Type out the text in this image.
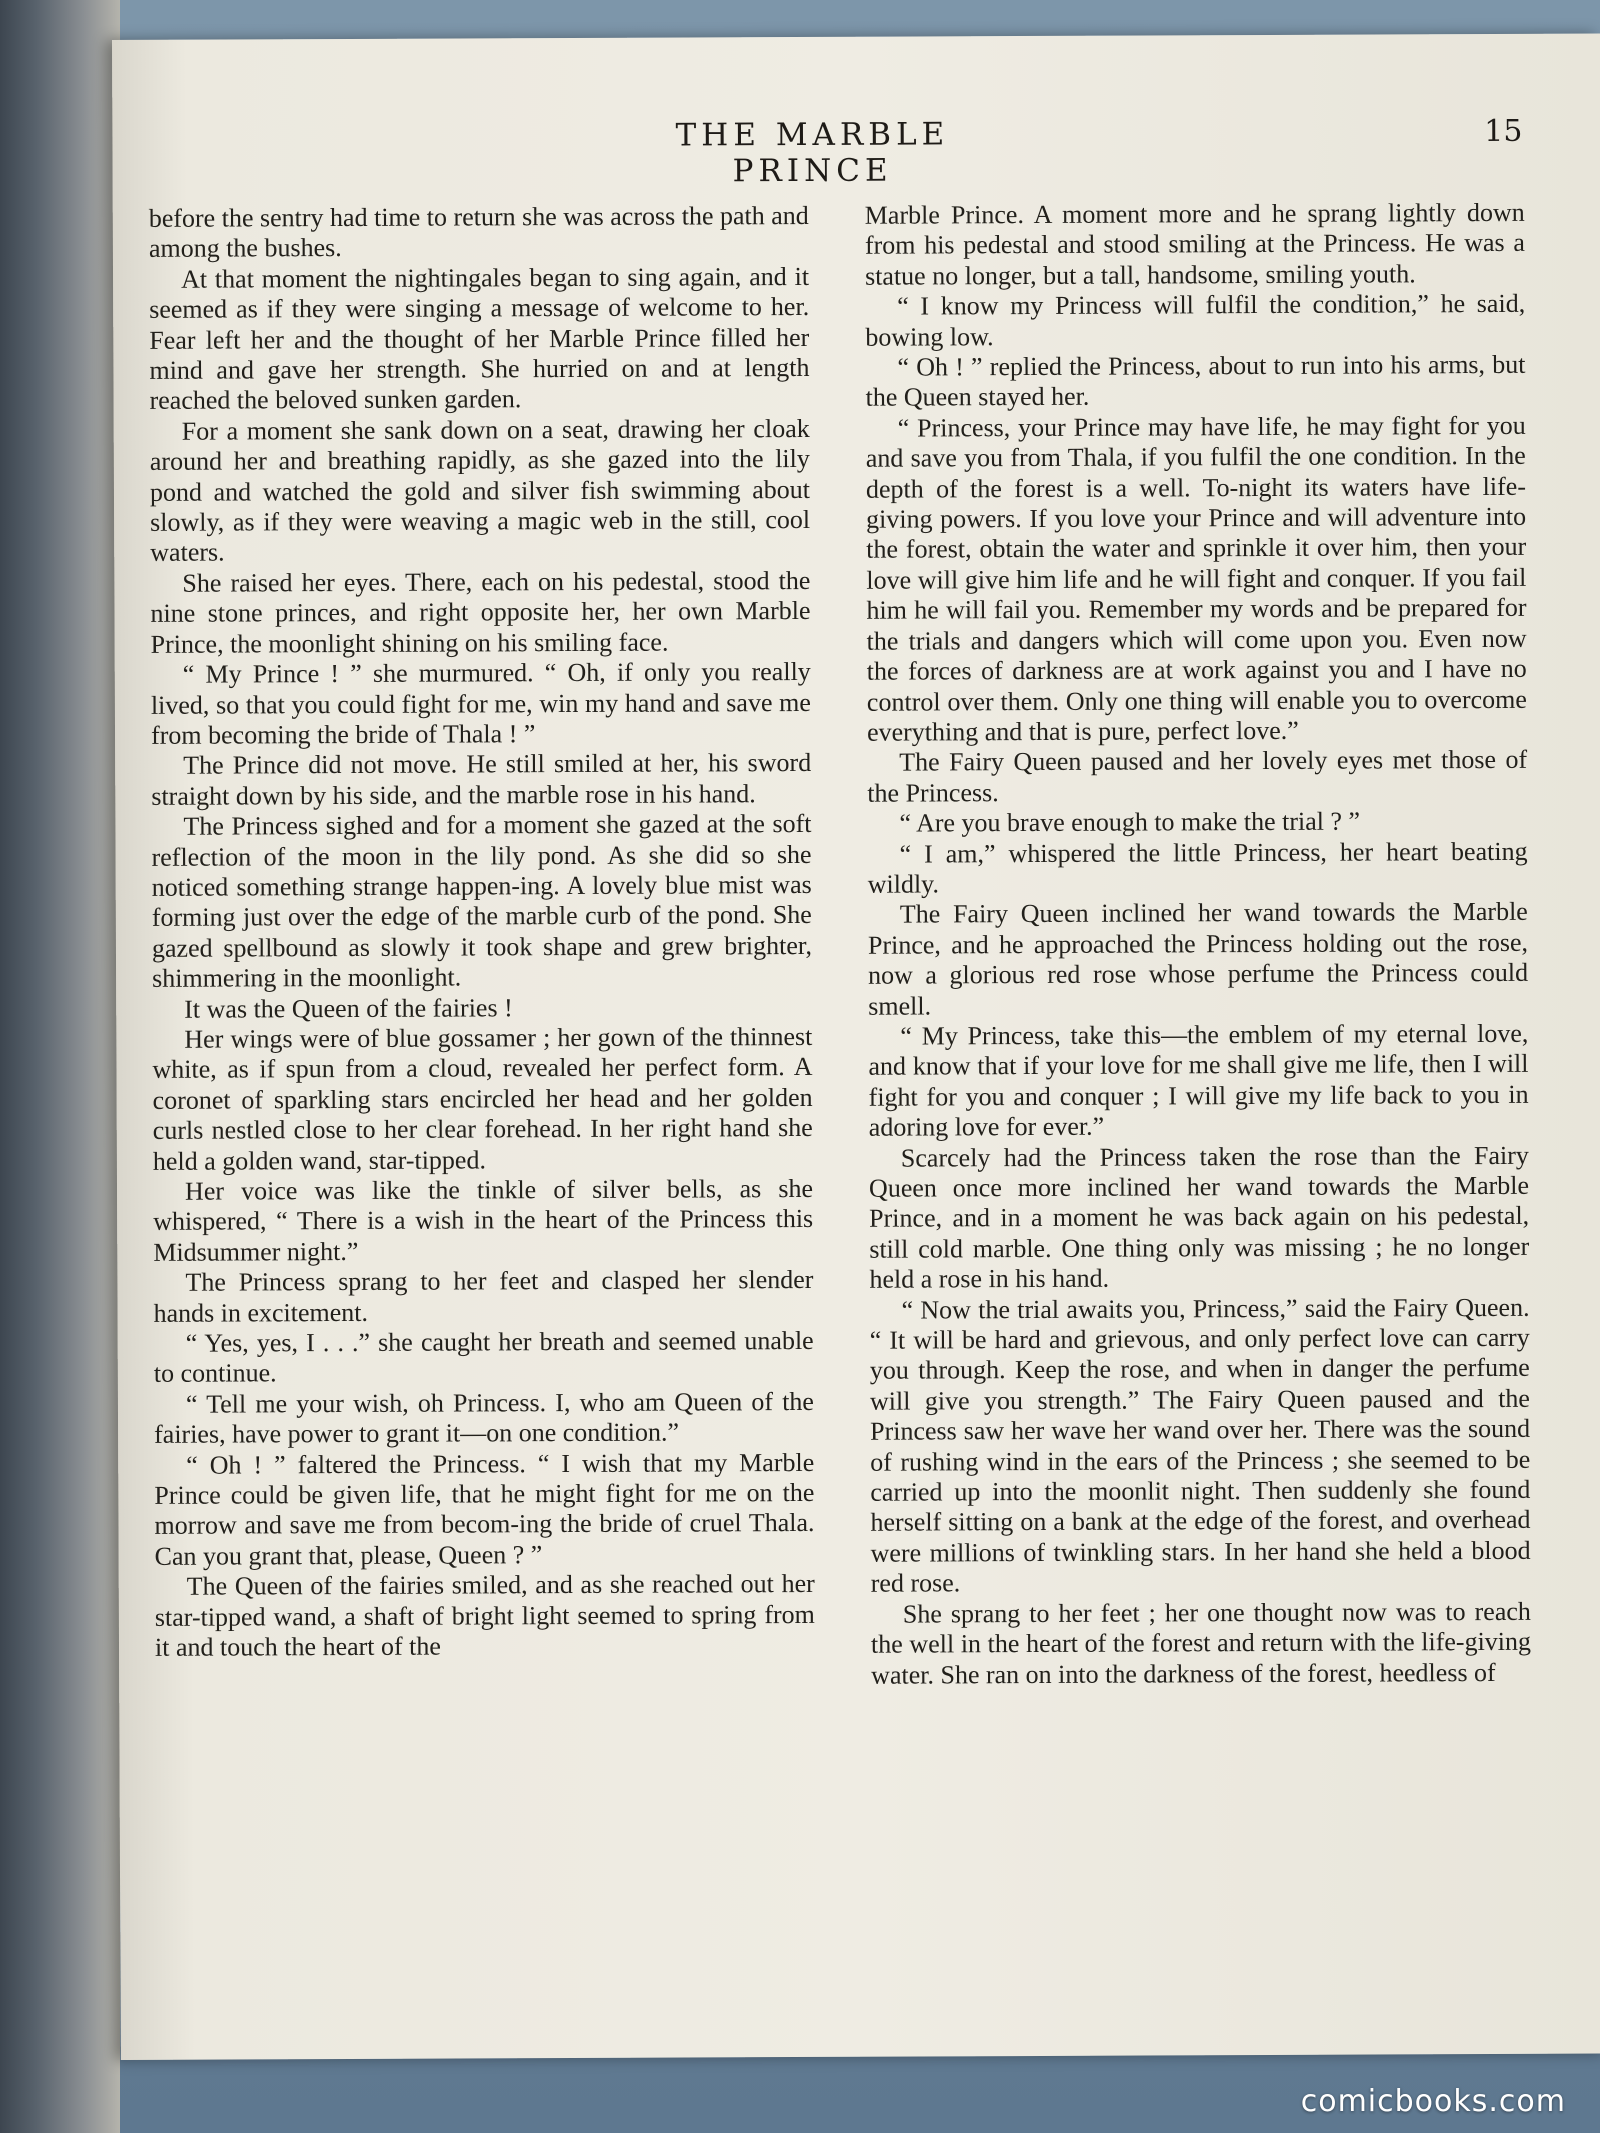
THE MARBLE PRINCE
15

before the sentry had time to return she was across the path and among the bushes.

At that moment the nightingales began to sing again, and it seemed as if they were singing a message of welcome to her. Fear left her and the thought of her Marble Prince filled her mind and gave her strength. She hurried on and at length reached the beloved sunken garden.

For a moment she sank down on a seat, drawing her cloak around her and breathing rapidly, as she gazed into the lily pond and watched the gold and silver fish swimming about slowly, as if they were weaving a magic web in the still, cool waters.

She raised her eyes. There, each on his pedestal, stood the nine stone princes, and right opposite her, her own Marble Prince, the moonlight shining on his smiling face.

“ My Prince ! ” she murmured. “ Oh, if only you really lived, so that you could fight for me, win my hand and save me from becoming the bride of Thala ! ”

The Prince did not move. He still smiled at her, his sword straight down by his side, and the marble rose in his hand.

The Princess sighed and for a moment she gazed at the soft reflection of the moon in the lily pond. As she did so she noticed something strange happen-ing. A lovely blue mist was forming just over the edge of the marble curb of the pond. She gazed spellbound as slowly it took shape and grew brighter, shimmering in the moonlight.

It was the Queen of the fairies !

Her wings were of blue gossamer ; her gown of the thinnest white, as if spun from a cloud, revealed her perfect form. A coronet of sparkling stars encircled her head and her golden curls nestled close to her clear forehead. In her right hand she held a golden wand, star-tipped.

Her voice was like the tinkle of silver bells, as she whispered, “ There is a wish in the heart of the Princess this Midsummer night.”

The Princess sprang to her feet and clasped her slender hands in excitement.

“ Yes, yes, I . . .” she caught her breath and seemed unable to continue.

“ Tell me your wish, oh Princess. I, who am Queen of the fairies, have power to grant it—on one condition.”

“ Oh ! ” faltered the Princess. “ I wish that my Marble Prince could be given life, that he might fight for me on the morrow and save me from becom-ing the bride of cruel Thala. Can you grant that, please, Queen ? ”

The Queen of the fairies smiled, and as she reached out her star-tipped wand, a shaft of bright light seemed to spring from it and touch the heart of the

Marble Prince. A moment more and he sprang lightly down from his pedestal and stood smiling at the Princess. He was a statue no longer, but a tall, handsome, smiling youth.

“ I know my Princess will fulfil the condition,” he said, bowing low.

“ Oh ! ” replied the Princess, about to run into his arms, but the Queen stayed her.

“ Princess, your Prince may have life, he may fight for you and save you from Thala, if you fulfil the one condition. In the depth of the forest is a well. To-night its waters have life-giving powers. If you love your Prince and will adventure into the forest, obtain the water and sprinkle it over him, then your love will give him life and he will fight and conquer. If you fail him he will fail you. Remember my words and be prepared for the trials and dangers which will come upon you. Even now the forces of darkness are at work against you and I have no control over them. Only one thing will enable you to overcome everything and that is pure, perfect love.”

The Fairy Queen paused and her lovely eyes met those of the Princess.

“ Are you brave enough to make the trial ? ”

“ I am,” whispered the little Princess, her heart beating wildly.

The Fairy Queen inclined her wand towards the Marble Prince, and he approached the Princess holding out the rose, now a glorious red rose whose perfume the Princess could smell.

“ My Princess, take this—the emblem of my eternal love, and know that if your love for me shall give me life, then I will fight for you and conquer ; I will give my life back to you in adoring love for ever.”

Scarcely had the Princess taken the rose than the Fairy Queen once more inclined her wand towards the Marble Prince, and in a moment he was back again on his pedestal, still cold marble. One thing only was missing ; he no longer held a rose in his hand.

“ Now the trial awaits you, Princess,” said the Fairy Queen. “ It will be hard and grievous, and only perfect love can carry you through. Keep the rose, and when in danger the perfume will give you strength.” The Fairy Queen paused and the Princess saw her wave her wand over her. There was the sound of rushing wind in the ears of the Princess ; she seemed to be carried up into the moonlit night. Then suddenly she found herself sitting on a bank at the edge of the forest, and overhead were millions of twinkling stars. In her hand she held a blood red rose.

She sprang to her feet ; her one thought now was to reach the well in the heart of the forest and return with the life-giving water. She ran on into the darkness of the forest, heedless of

comicbooks.com
